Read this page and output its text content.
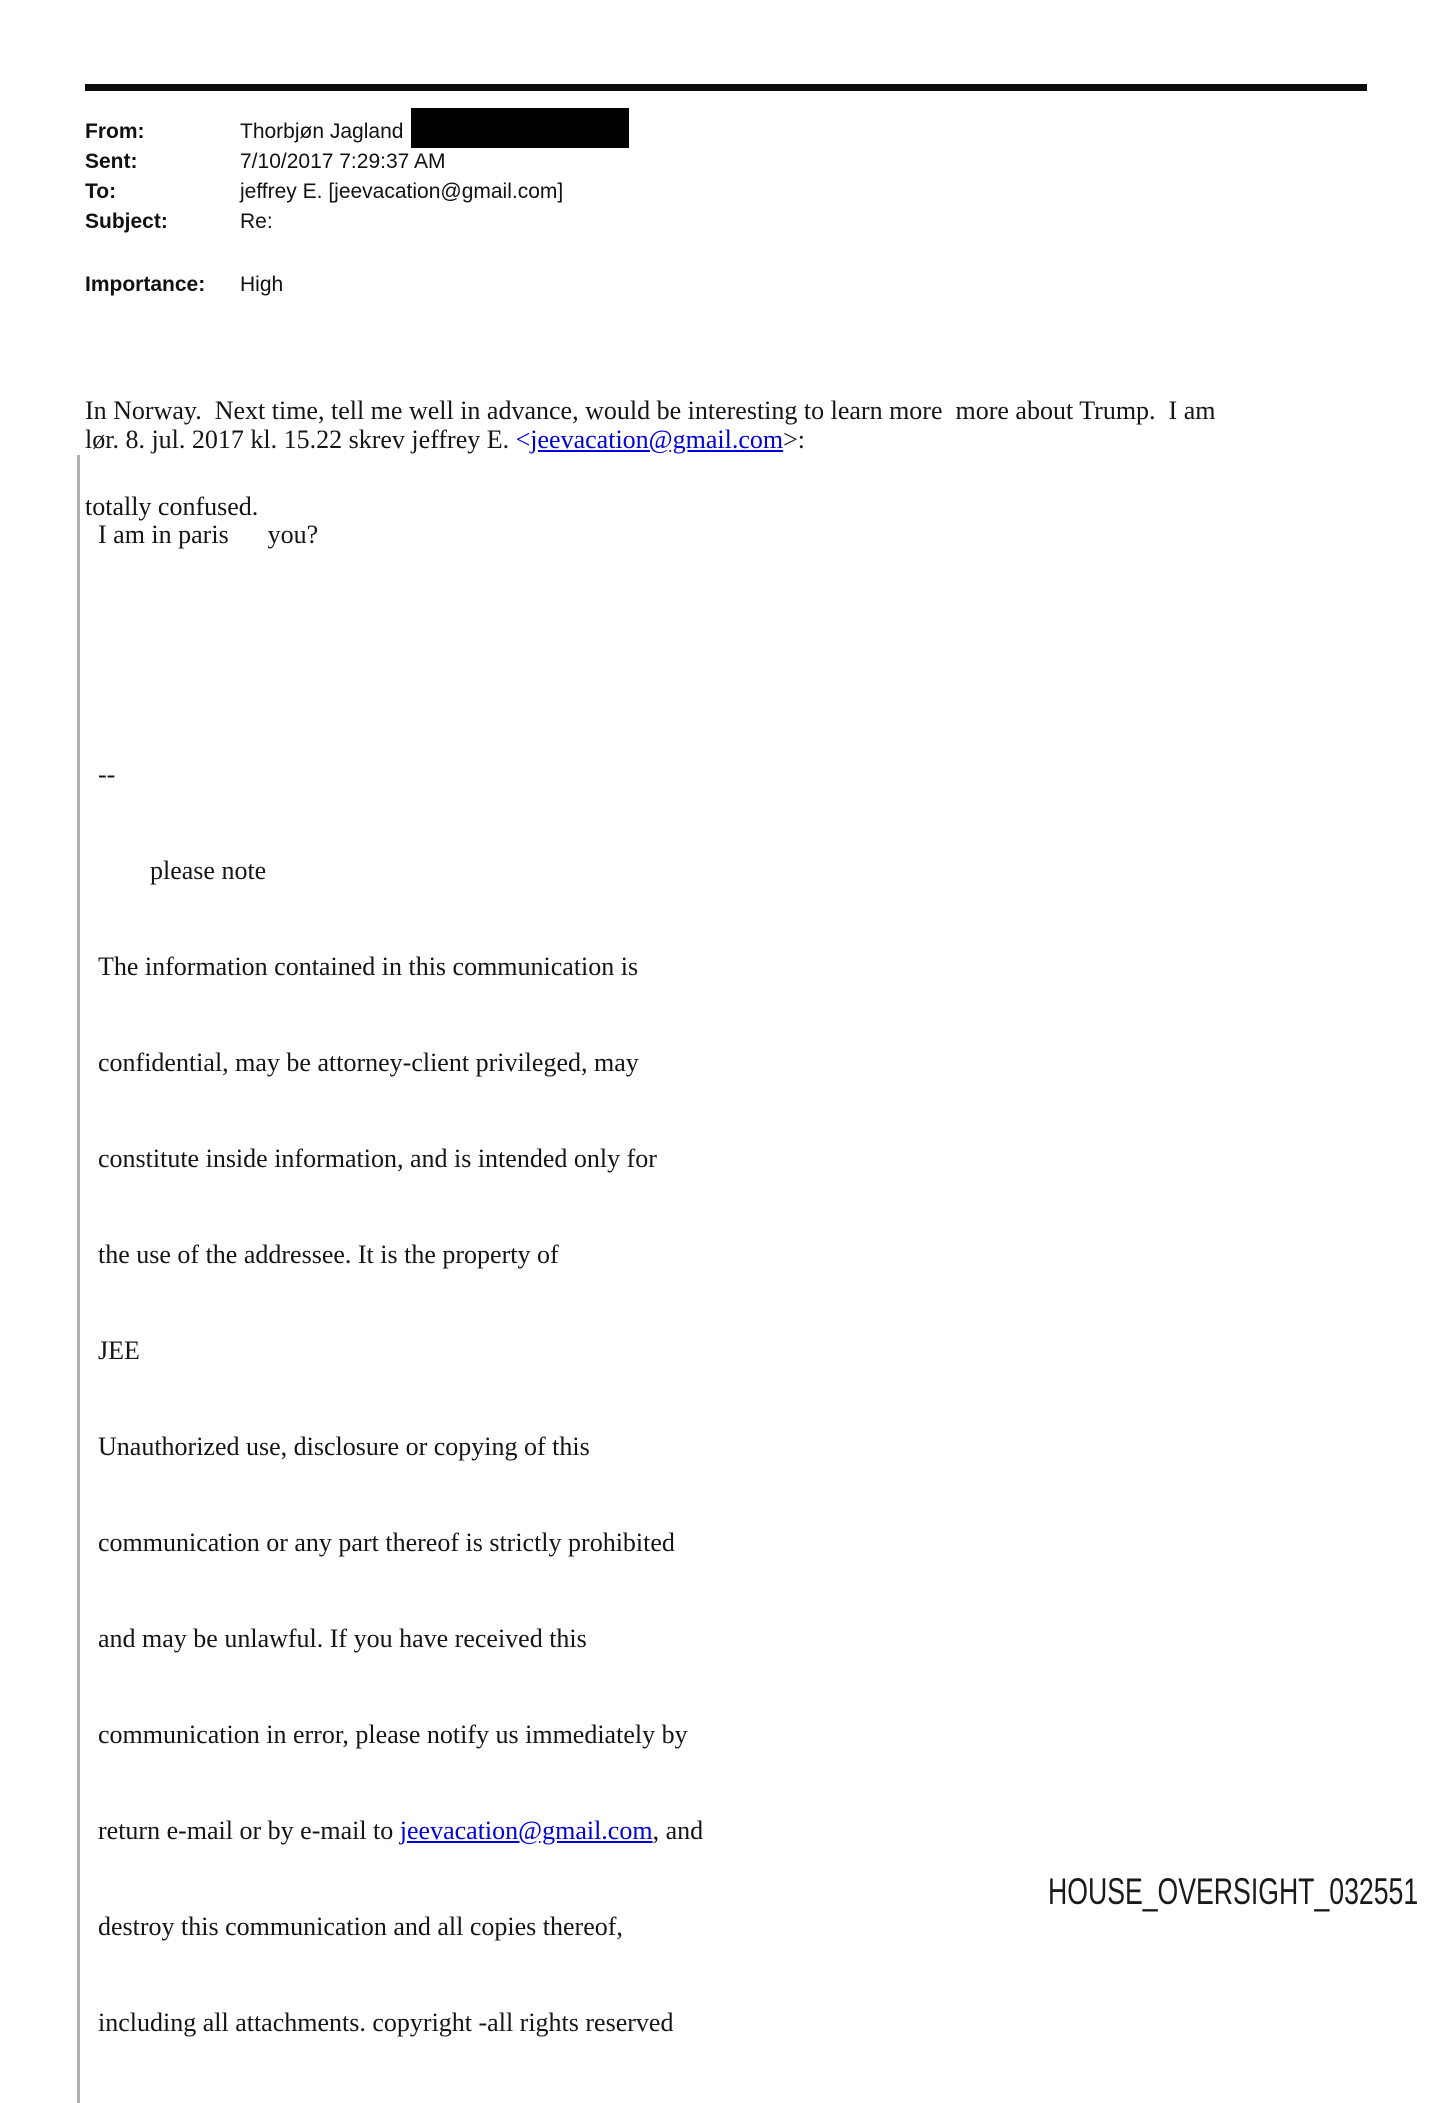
From:	Thorbjøn Jagland
Sent:	7/10/2017 7:29:37 AM
To:	jeffrey E. [jeevacation@gmail.com]
Subject:	Re:
Importance:	High

In Norway.  Next time, tell me well in advance, would be interesting to learn more  more about Trump.  I am

totally confused.

lør. 8. jul. 2017 kl. 15.22 skrev jeffrey E. <jeevacation@gmail.com>:

I am in paris      you?

--

please note

The information contained in this communication is

confidential, may be attorney-client privileged, may

constitute inside information, and is intended only for

the use of the addressee. It is the property of

JEE

Unauthorized use, disclosure or copying of this

communication or any part thereof is strictly prohibited

and may be unlawful. If you have received this

communication in error, please notify us immediately by

return e-mail or by e-mail to jeevacation@gmail.com, and

destroy this communication and all copies thereof,

including all attachments. copyright -all rights reserved

HOUSE_OVERSIGHT_032551
